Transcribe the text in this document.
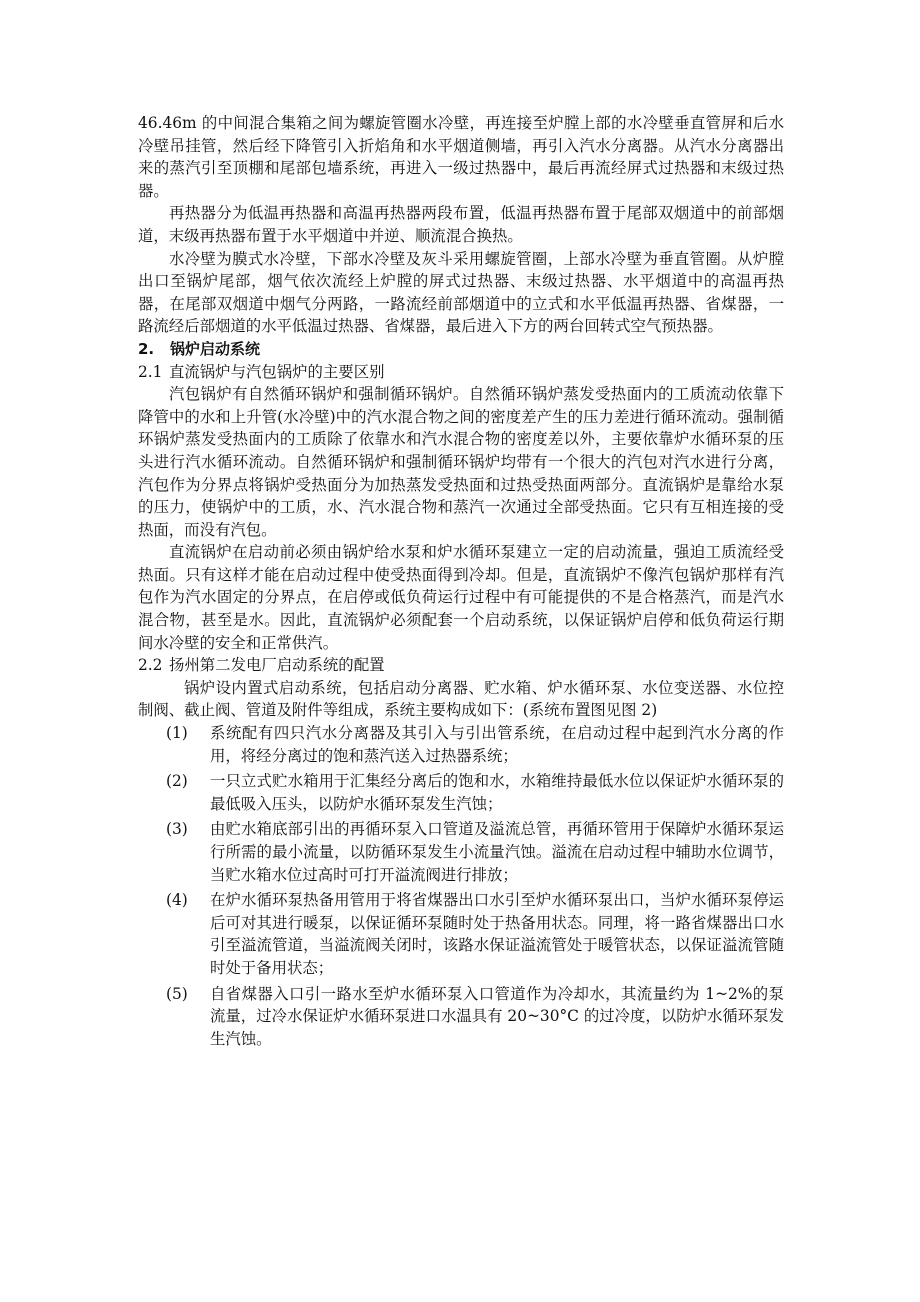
46.46m 的中间混合集箱之间为螺旋管圈水冷壁，再连接至炉膛上部的水冷壁垂直管屏和后水冷壁吊挂管，然后经下降管引入折焰角和水平烟道侧墙，再引入汽水分离器。从汽水分离器出来的蒸汽引至顶棚和尾部包墙系统，再进入一级过热器中，最后再流经屏式过热器和末级过热器。

再热器分为低温再热器和高温再热器两段布置，低温再热器布置于尾部双烟道中的前部烟道，末级再热器布置于水平烟道中并逆、顺流混合换热。

水冷壁为膜式水冷壁，下部水冷壁及灰斗采用螺旋管圈，上部水冷壁为垂直管圈。从炉膛出口至锅炉尾部，烟气依次流经上炉膛的屏式过热器、末级过热器、水平烟道中的高温再热器，在尾部双烟道中烟气分两路，一路流经前部烟道中的立式和水平低温再热器、省煤器，一路流经后部烟道的水平低温过热器、省煤器，最后进入下方的两台回转式空气预热器。

2. 锅炉启动系统
2.1 直流锅炉与汽包锅炉的主要区别

汽包锅炉有自然循环锅炉和强制循环锅炉。自然循环锅炉蒸发受热面内的工质流动依靠下降管中的水和上升管(水冷壁)中的汽水混合物之间的密度差产生的压力差进行循环流动。强制循环锅炉蒸发受热面内的工质除了依靠水和汽水混合物的密度差以外，主要依靠炉水循环泵的压头进行汽水循环流动。自然循环锅炉和强制循环锅炉均带有一个很大的汽包对汽水进行分离，汽包作为分界点将锅炉受热面分为加热蒸发受热面和过热受热面两部分。直流锅炉是靠给水泵的压力，使锅炉中的工质，水、汽水混合物和蒸汽一次通过全部受热面。它只有互相连接的受热面，而没有汽包。

直流锅炉在启动前必须由锅炉给水泵和炉水循环泵建立一定的启动流量，强迫工质流经受热面。只有这样才能在启动过程中使受热面得到冷却。但是，直流锅炉不像汽包锅炉那样有汽包作为汽水固定的分界点，在启停或低负荷运行过程中有可能提供的不是合格蒸汽，而是汽水混合物，甚至是水。因此，直流锅炉必须配套一个启动系统，以保证锅炉启停和低负荷运行期间水冷壁的安全和正常供汽。

2.2 扬州第二发电厂启动系统的配置

锅炉设内置式启动系统，包括启动分离器、贮水箱、炉水循环泵、水位变送器、水位控制阀、截止阀、管道及附件等组成，系统主要构成如下：(系统布置图见图 2)

(1) 系统配有四只汽水分离器及其引入与引出管系统，在启动过程中起到汽水分离的作用，将经分离过的饱和蒸汽送入过热器系统；
(2) 一只立式贮水箱用于汇集经分离后的饱和水，水箱维持最低水位以保证炉水循环泵的最低吸入压头，以防炉水循环泵发生汽蚀；
(3) 由贮水箱底部引出的再循环泵入口管道及溢流总管，再循环管用于保障炉水循环泵运行所需的最小流量，以防循环泵发生小流量汽蚀。溢流在启动过程中辅助水位调节，当贮水箱水位过高时可打开溢流阀进行排放；
(4) 在炉水循环泵热备用管用于将省煤器出口水引至炉水循环泵出口，当炉水循环泵停运后可对其进行暖泵，以保证循环泵随时处于热备用状态。同理，将一路省煤器出口水引至溢流管道，当溢流阀关闭时，该路水保证溢流管处于暖管状态，以保证溢流管随时处于备用状态；
(5) 自省煤器入口引一路水至炉水循环泵入口管道作为冷却水，其流量约为 1~2%的泵流量，过冷水保证炉水循环泵进口水温具有 20~30°C 的过冷度，以防炉水循环泵发生汽蚀。
